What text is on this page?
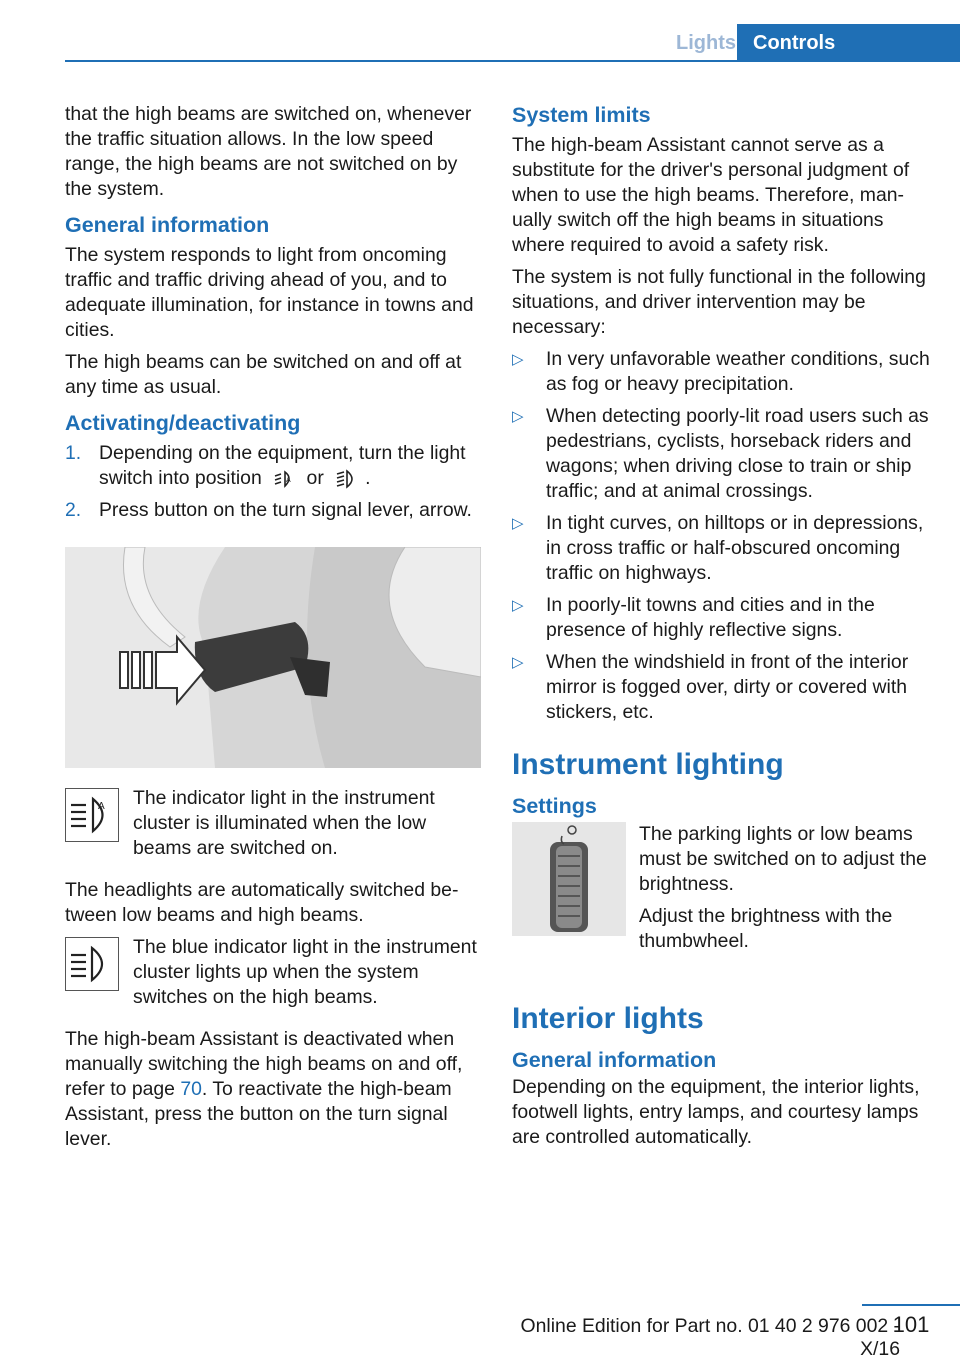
Lights Controls

that the high beams are switched on, whenever the traffic situation allows. In the low speed range, the high beams are not switched on by the system.

General information

The system responds to light from oncoming traffic and traffic driving ahead of you, and to adequate illumination, for instance in towns and cities.

The high beams can be switched on and off at any time as usual.

Activating/deactivating
1. Depending on the equipment, turn the light switch into position	A or .
2. Press button on the turn signal lever, arrow.
A The indicator light in the instrument cluster is illuminated when the low beams are switched on.

The headlights are automatically switched between low beams and high beams.

The blue indicator light in the instrument cluster lights up when the system switches on the high beams.

The high-beam Assistant is deactivated when manually switching the high beams on and off, refer to page 70. To reactivate the high-beam Assistant, press the button on the turn signal lever.

System limits

The high-beam Assistant cannot serve as a substitute for the driver's personal judgment of when to use the high beams. Therefore, manually switch off the high beams in situations where required to avoid a safety risk.

The system is not fully functional in the following situations, and driver intervention may be necessary:

▷	In very unfavorable weather conditions, such as fog or heavy precipitation.
▷	When detecting poorly-lit road users such as pedestrians, cyclists, horseback riders and wagons; when driving close to train or ship traffic; and at animal crossings.
▷	In tight curves, on hilltops or in depressions, in cross traffic or half-obscured oncoming traffic on highways.
▷	In poorly-lit towns and cities and in the presence of highly reflective signs.
▷	When the windshield in front of the interior mirror is fogged over, dirty or covered with stickers, etc.
Instrument lighting
Settings

The parking lights or low beams must be switched on to adjust the brightness.

Adjust the brightness with the thumbwheel.

Interior lights
General information

Depending on the equipment, the interior lights, footwell lights, entry lamps, and courtesy lamps are controlled automatically.

101
Online Edition for Part no. 01 40 2 976 002 - X/16
